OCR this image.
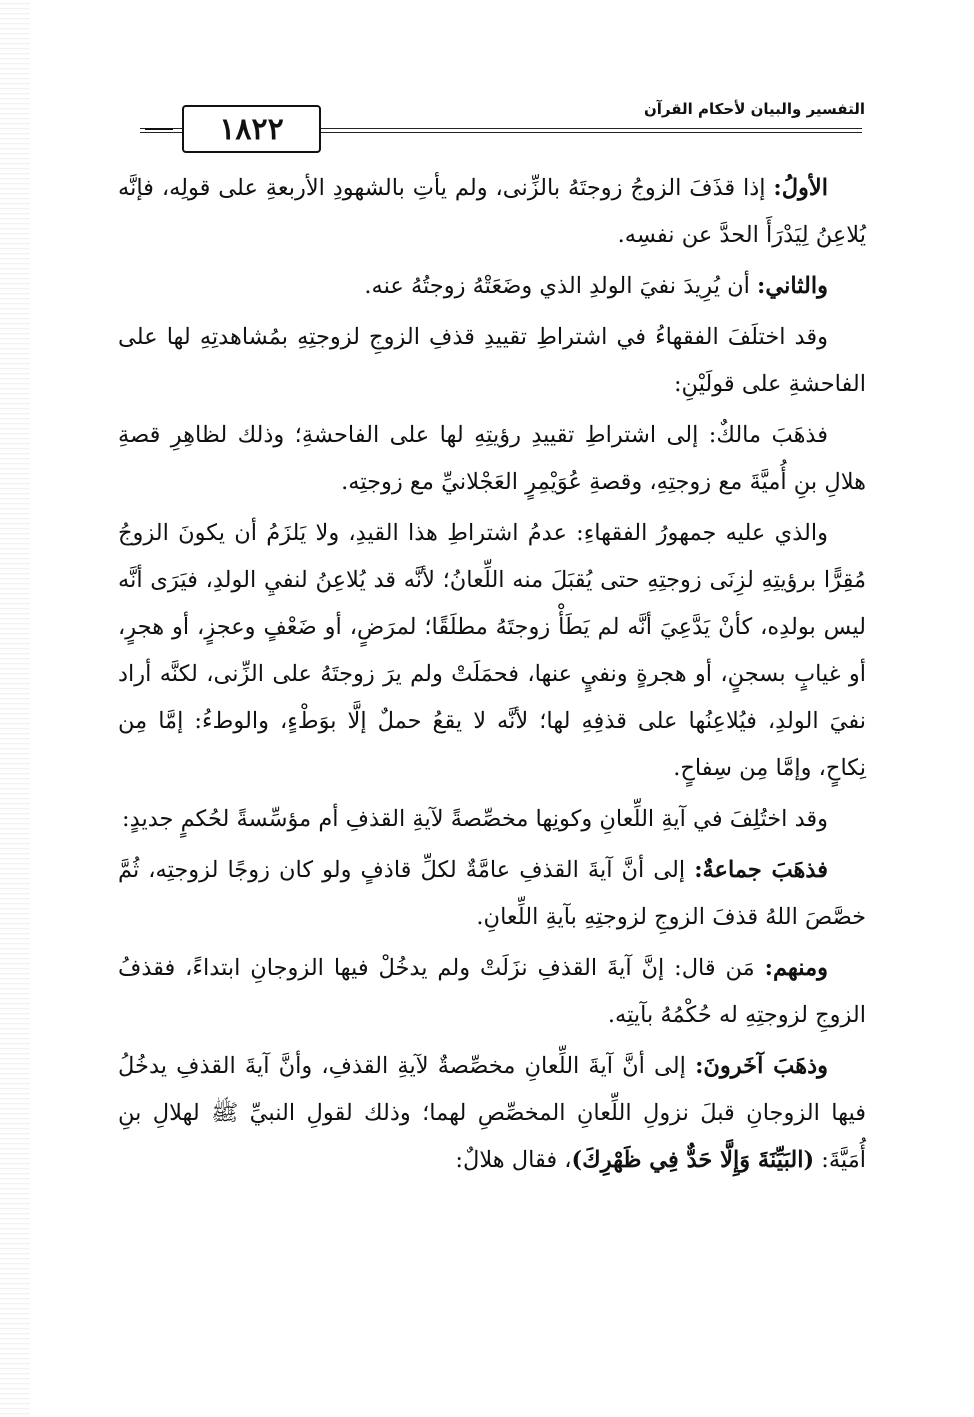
١٨٢٢
التفسير والبيان لأحكام القرآن

الأولُ: إذا قذَفَ الزوجُ زوجتَهُ بالزِّنى، ولم يأتِ بالشهودِ الأربعةِ على قولِه، فإنَّه يُلاعِنُ لِيَدْرَأَ الحدَّ عن نفسِه.

والثاني: أن يُرِيدَ نفيَ الولدِ الذي وضَعَتْهُ زوجتُهُ عنه.

وقد اختلَفَ الفقهاءُ في اشتراطِ تقييدِ قذفِ الزوجِ لزوجتِهِ بمُشاهدتِهِ لها على الفاحشةِ على قولَيْنِ:

فذهَبَ مالكٌ: إلى اشتراطِ تقييدِ رؤيتِهِ لها على الفاحشةِ؛ وذلك لظاهِرِ قصةِ هلالِ بنِ أُميَّةَ مع زوجتِهِ، وقصةِ عُوَيْمِرٍ العَجْلانيِّ مع زوجتِه.

والذي عليه جمهورُ الفقهاءِ: عدمُ اشتراطِ هذا القيدِ، ولا يَلزَمُ أن يكونَ الزوجُ مُقِرًّا برؤيتِهِ لزِنَى زوجتِهِ حتى يُقبَلَ منه اللِّعانُ؛ لأنَّه قد يُلاعِنُ لنفيِ الولدِ، فيَرَى أنَّه ليس بولدِه، كأنْ يَدَّعِيَ أنَّه لم يَطَأْ زوجتَهُ مطلَقًا؛ لمرَضٍ، أو ضَعْفٍ وعجزٍ، أو هجرٍ، أو غيابٍ بسجنٍ، أو هجرةٍ ونفيٍ عنها، فحمَلَتْ ولم يرَ زوجتَهُ على الزِّنى، لكنَّه أراد نفيَ الولدِ، فيُلاعِنُها على قذفِهِ لها؛ لأنَّه لا يقعُ حملٌ إلَّا بوَطْءٍ، والوطءُ: إمَّا مِن نِكاحٍ، وإمَّا مِن سِفاحٍ.

وقد اختُلِفَ في آيةِ اللِّعانِ وكونِها مخصِّصةً لآيةِ القذفِ أم مؤسِّسةً لحُكمٍ جديدٍ:

فذهَبَ جماعةٌ: إلى أنَّ آيةَ القذفِ عامَّةٌ لكلِّ قاذفٍ ولو كان زوجًا لزوجتِه، ثُمَّ خصَّصَ اللهُ قذفَ الزوجِ لزوجتِهِ بآيةِ اللِّعانِ.

ومنهم: مَن قال: إنَّ آيةَ القذفِ نزَلَتْ ولم يدخُلْ فيها الزوجانِ ابتداءً، فقذفُ الزوجِ لزوجتِهِ له حُكْمُهُ بآيتِه.

وذهَبَ آخَرونَ: إلى أنَّ آيةَ اللِّعانِ مخصِّصةٌ لآيةِ القذفِ، وأنَّ آيةَ القذفِ يدخُلُ فيها الزوجانِ قبلَ نزولِ اللِّعانِ المخصِّصِ لهما؛ وذلك لقولِ النبيِّ ﷺ لهلالِ بنِ أُمَيَّةَ: (البَيِّنَةَ وَإِلَّا حَدٌّ فِي ظَهْرِكَ)، فقال هلالٌ:
